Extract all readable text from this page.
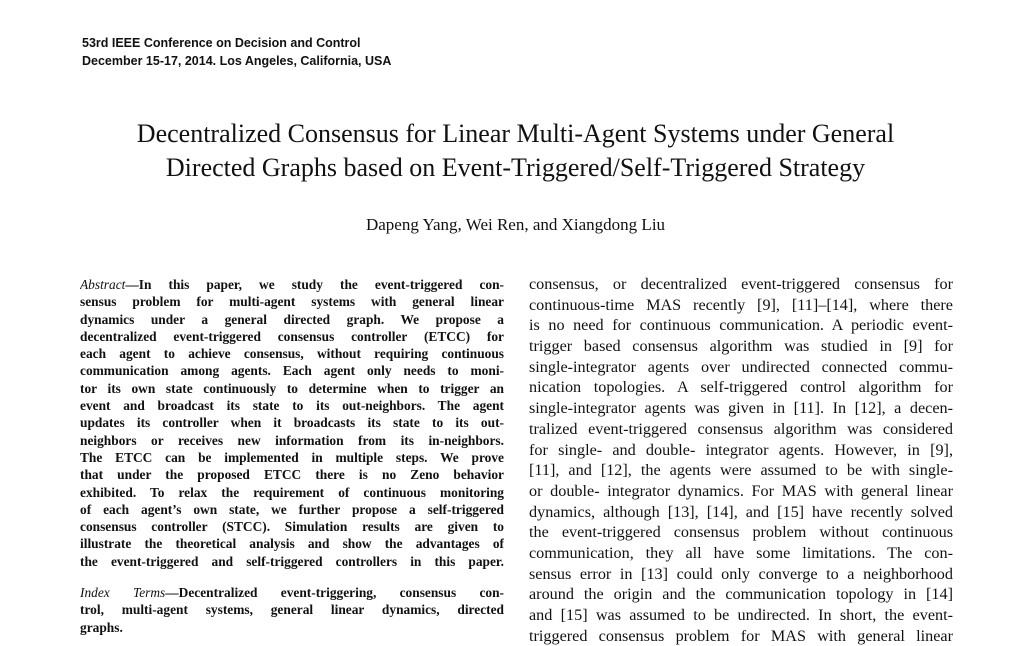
53rd IEEE Conference on Decision and Control
December 15-17, 2014. Los Angeles, California, USA
Decentralized Consensus for Linear Multi-Agent Systems under General
Directed Graphs based on Event-Triggered/Self-Triggered Strategy
Dapeng Yang, Wei Ren, and Xiangdong Liu
Abstract—In this paper, we study the event-triggered con-
sensus problem for multi-agent systems with general linear
dynamics under a general directed graph. We propose a
decentralized event-triggered consensus controller (ETCC) for
each agent to achieve consensus, without requiring continuous
communication among agents. Each agent only needs to moni-
tor its own state continuously to determine when to trigger an
event and broadcast its state to its out-neighbors. The agent
updates its controller when it broadcasts its state to its out-
neighbors or receives new information from its in-neighbors.
The ETCC can be implemented in multiple steps. We prove
that under the proposed ETCC there is no Zeno behavior
exhibited. To relax the requirement of continuous monitoring
of each agent’s own state, we further propose a self-triggered
consensus controller (STCC). Simulation results are given to
illustrate the theoretical analysis and show the advantages of
the event-triggered and self-triggered controllers in this paper.
Index Terms—Decentralized event-triggering, consensus con-
trol, multi-agent systems, general linear dynamics, directed
graphs.
consensus, or decentralized event-triggered consensus for
continuous-time MAS recently [9], [11]–[14], where there
is no need for continuous communication. A periodic event-
trigger based consensus algorithm was studied in [9] for
single-integrator agents over undirected connected commu-
nication topologies. A self-triggered control algorithm for
single-integrator agents was given in [11]. In [12], a decen-
tralized event-triggered consensus algorithm was considered
for single- and double- integrator agents. However, in [9],
[11], and [12], the agents were assumed to be with single-
or double- integrator dynamics. For MAS with general linear
dynamics, although [13], [14], and [15] have recently solved
the event-triggered consensus problem without continuous
communication, they all have some limitations. The con-
sensus error in [13] could only converge to a neighborhood
around the origin and the communication topology in [14]
and [15] was assumed to be undirected. In short, the event-
triggered consensus problem for MAS with general linear
